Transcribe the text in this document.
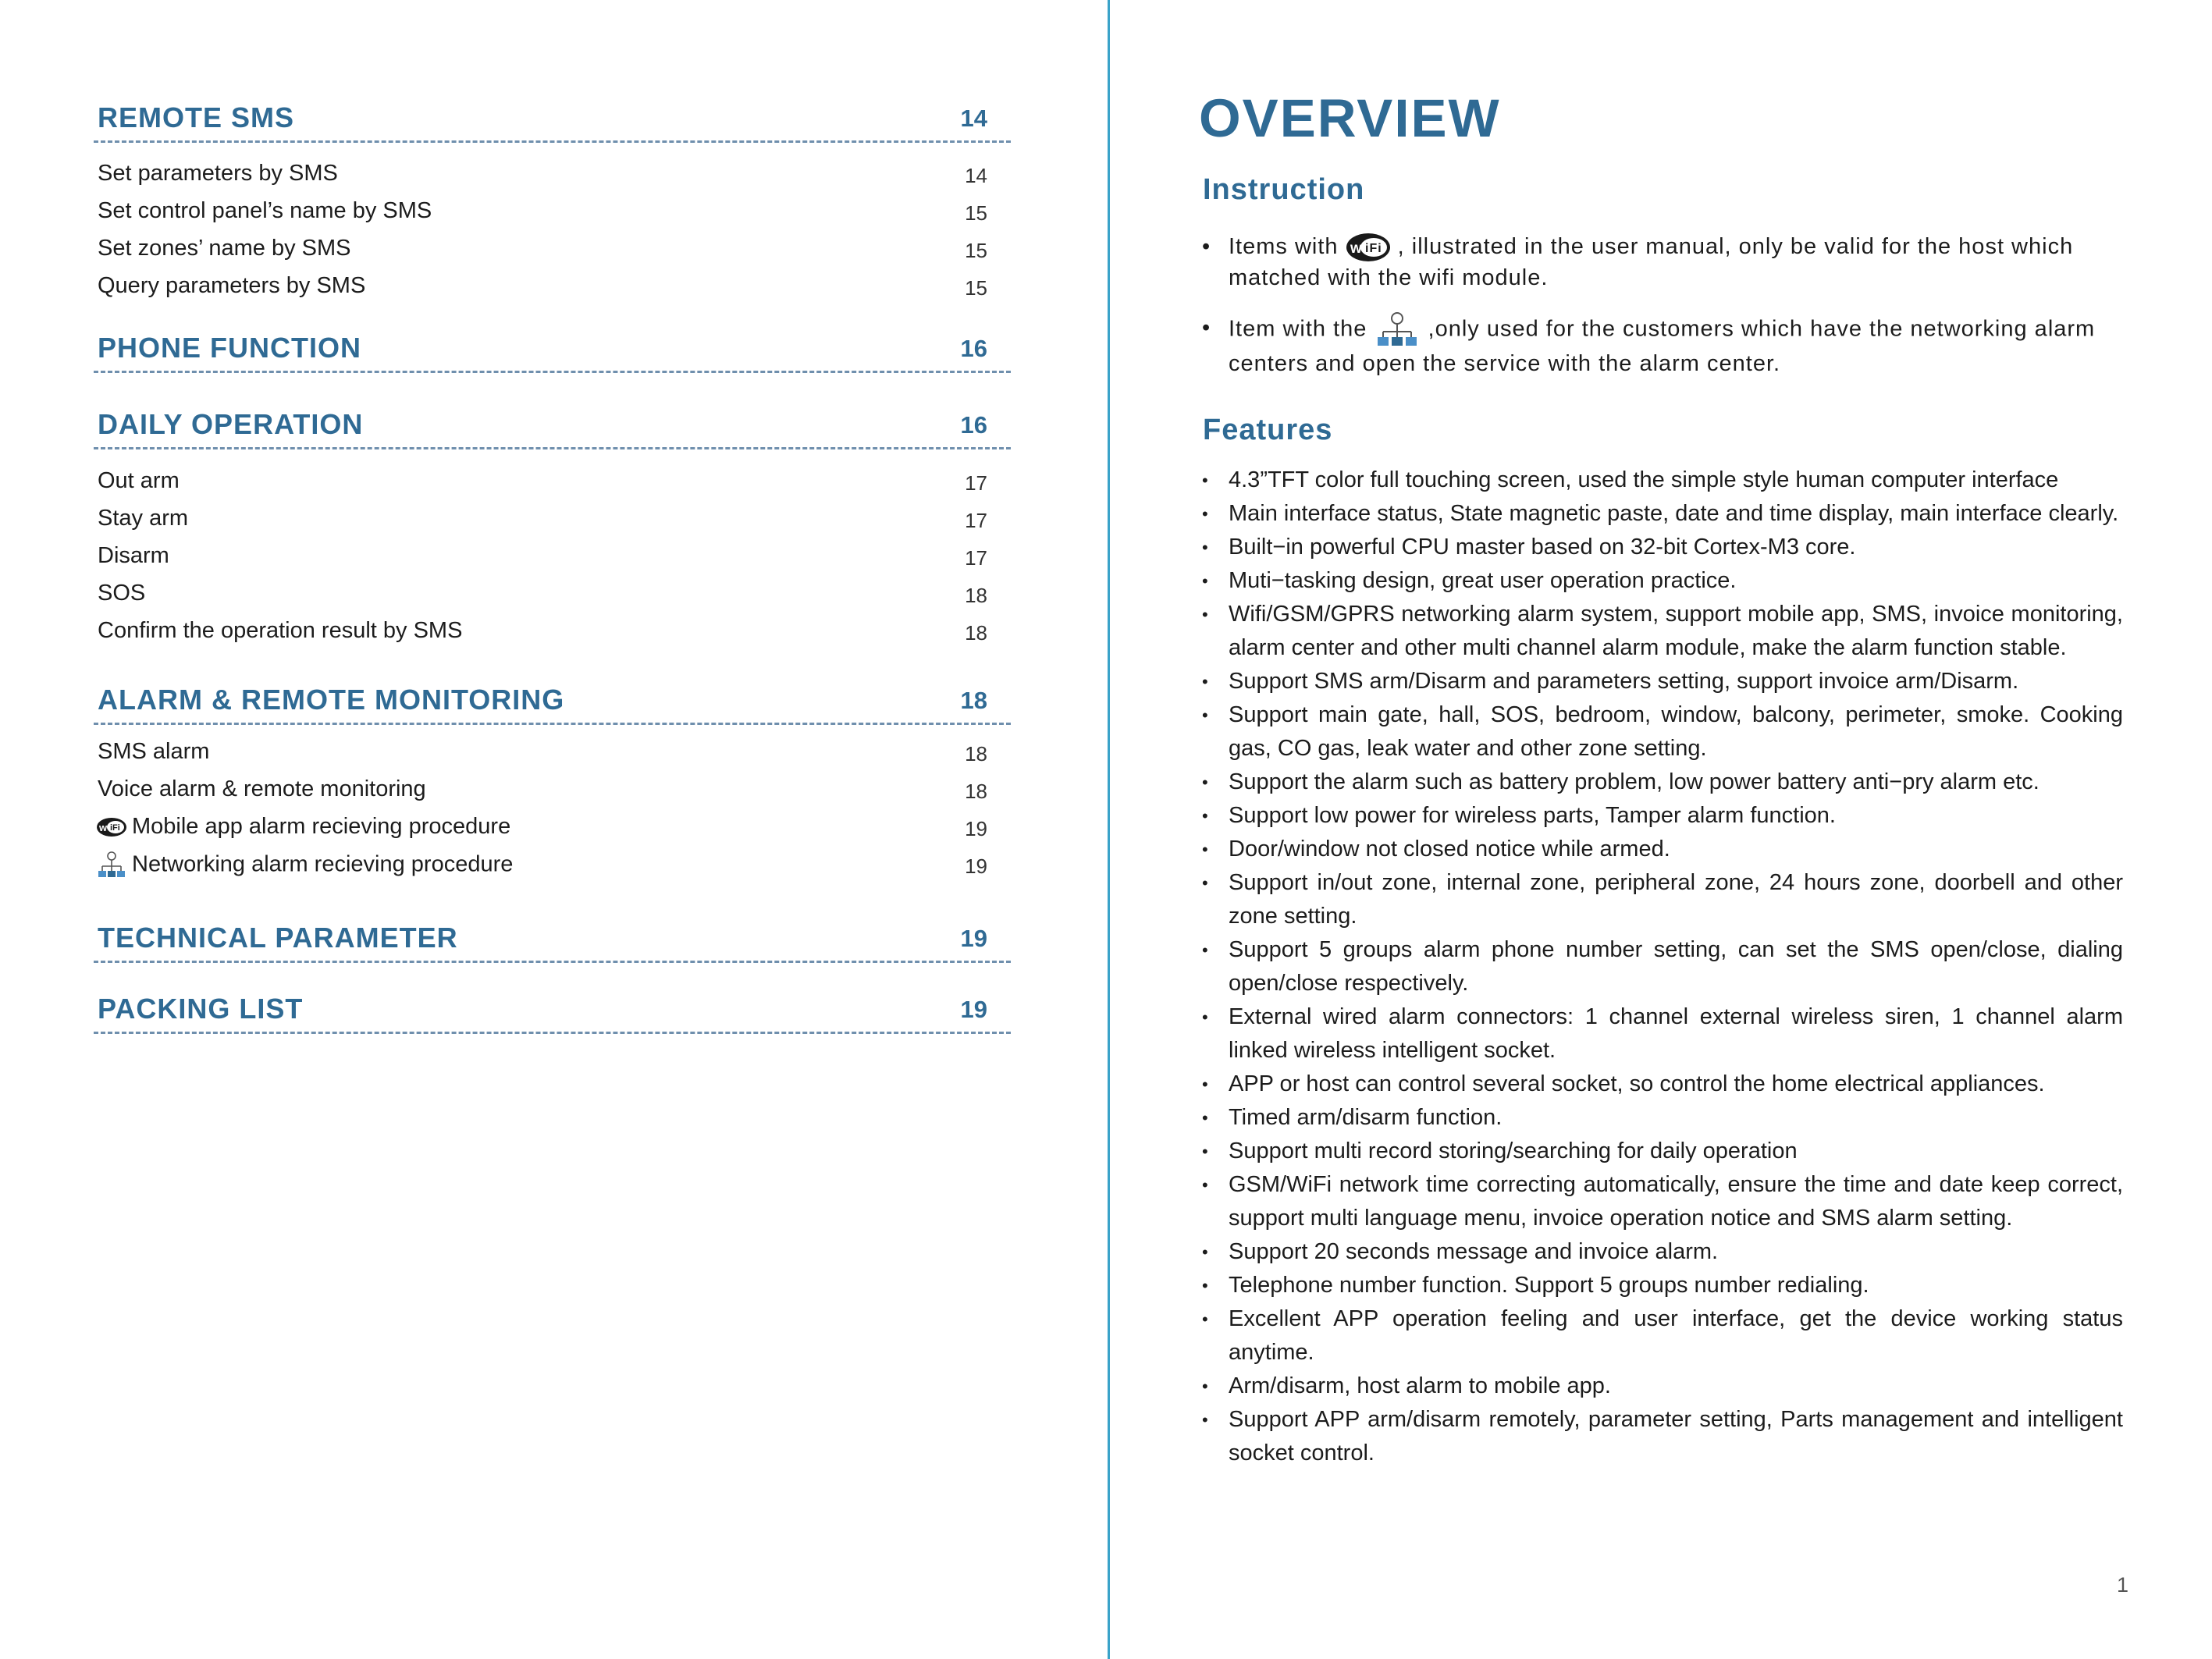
REMOTE SMS	14
Set parameters by SMS	14
Set control panel’s name by SMS	15
Set zones’ name by SMS	15
Query parameters by SMS	15
PHONE FUNCTION	16
DAILY OPERATION	16
Out arm	17
Stay arm	17
Disarm	17
SOS	18
Confirm the operation result by SMS	18
ALARM & REMOTE MONITORING	18
SMS alarm	18
Voice alarm & remote monitoring	18
w iFi Mobile app alarm recieving procedure	19
Networking alarm recieving procedure	19
TECHNICAL PARAMETER	19
PACKING LIST	19
OVERVIEW
Instruction
• Items with w iFi , illustrated in the user manual, only be valid for the host which matched with the wifi module.
• Item with the	,only used for the customers which have the networking alarm centers and open the service with the alarm center.
Features
• 4.3”TFT color full touching screen, used the simple style human computer interface
• Main interface status, State magnetic paste, date and time display, main interface clearly.
• Built−in powerful CPU master based on 32-bit Cortex-M3 core.
• Muti−tasking design, great user operation practice.
• Wifi/GSM/GPRS networking alarm system, support mobile app, SMS, invoice monitoring, alarm center and other multi channel alarm module, make the alarm function stable.
• Support SMS arm/Disarm and parameters setting, support invoice arm/Disarm.
• Support main gate, hall, SOS, bedroom, window, balcony, perimeter, smoke. Cooking gas, CO gas, leak water and other zone setting.
• Support the alarm such as battery problem, low power battery anti−pry alarm etc.
• Support low power for wireless parts, Tamper alarm function.
• Door/window not closed notice while armed.
• Support in/out zone, internal zone, peripheral zone, 24 hours zone, doorbell and other zone setting.
• Support 5 groups alarm phone number setting, can set the SMS open/close, dialing open/close respectively.
• External wired alarm connectors: 1 channel external wireless siren, 1 channel alarm linked wireless intelligent socket.
• APP or host can control several socket, so control the home electrical appliances.
• Timed arm/disarm function.
• Support multi record storing/searching for daily operation
• GSM/WiFi network time correcting automatically, ensure the time and date keep correct, support multi language menu, invoice operation notice and SMS alarm setting.
• Support 20 seconds message and invoice alarm.
• Telephone number function. Support 5 groups number redialing.
• Excellent APP operation feeling and user interface, get the device working status anytime.
• Arm/disarm, host alarm to mobile app.
• Support APP arm/disarm remotely, parameter setting, Parts management and intelligent socket control.
1
